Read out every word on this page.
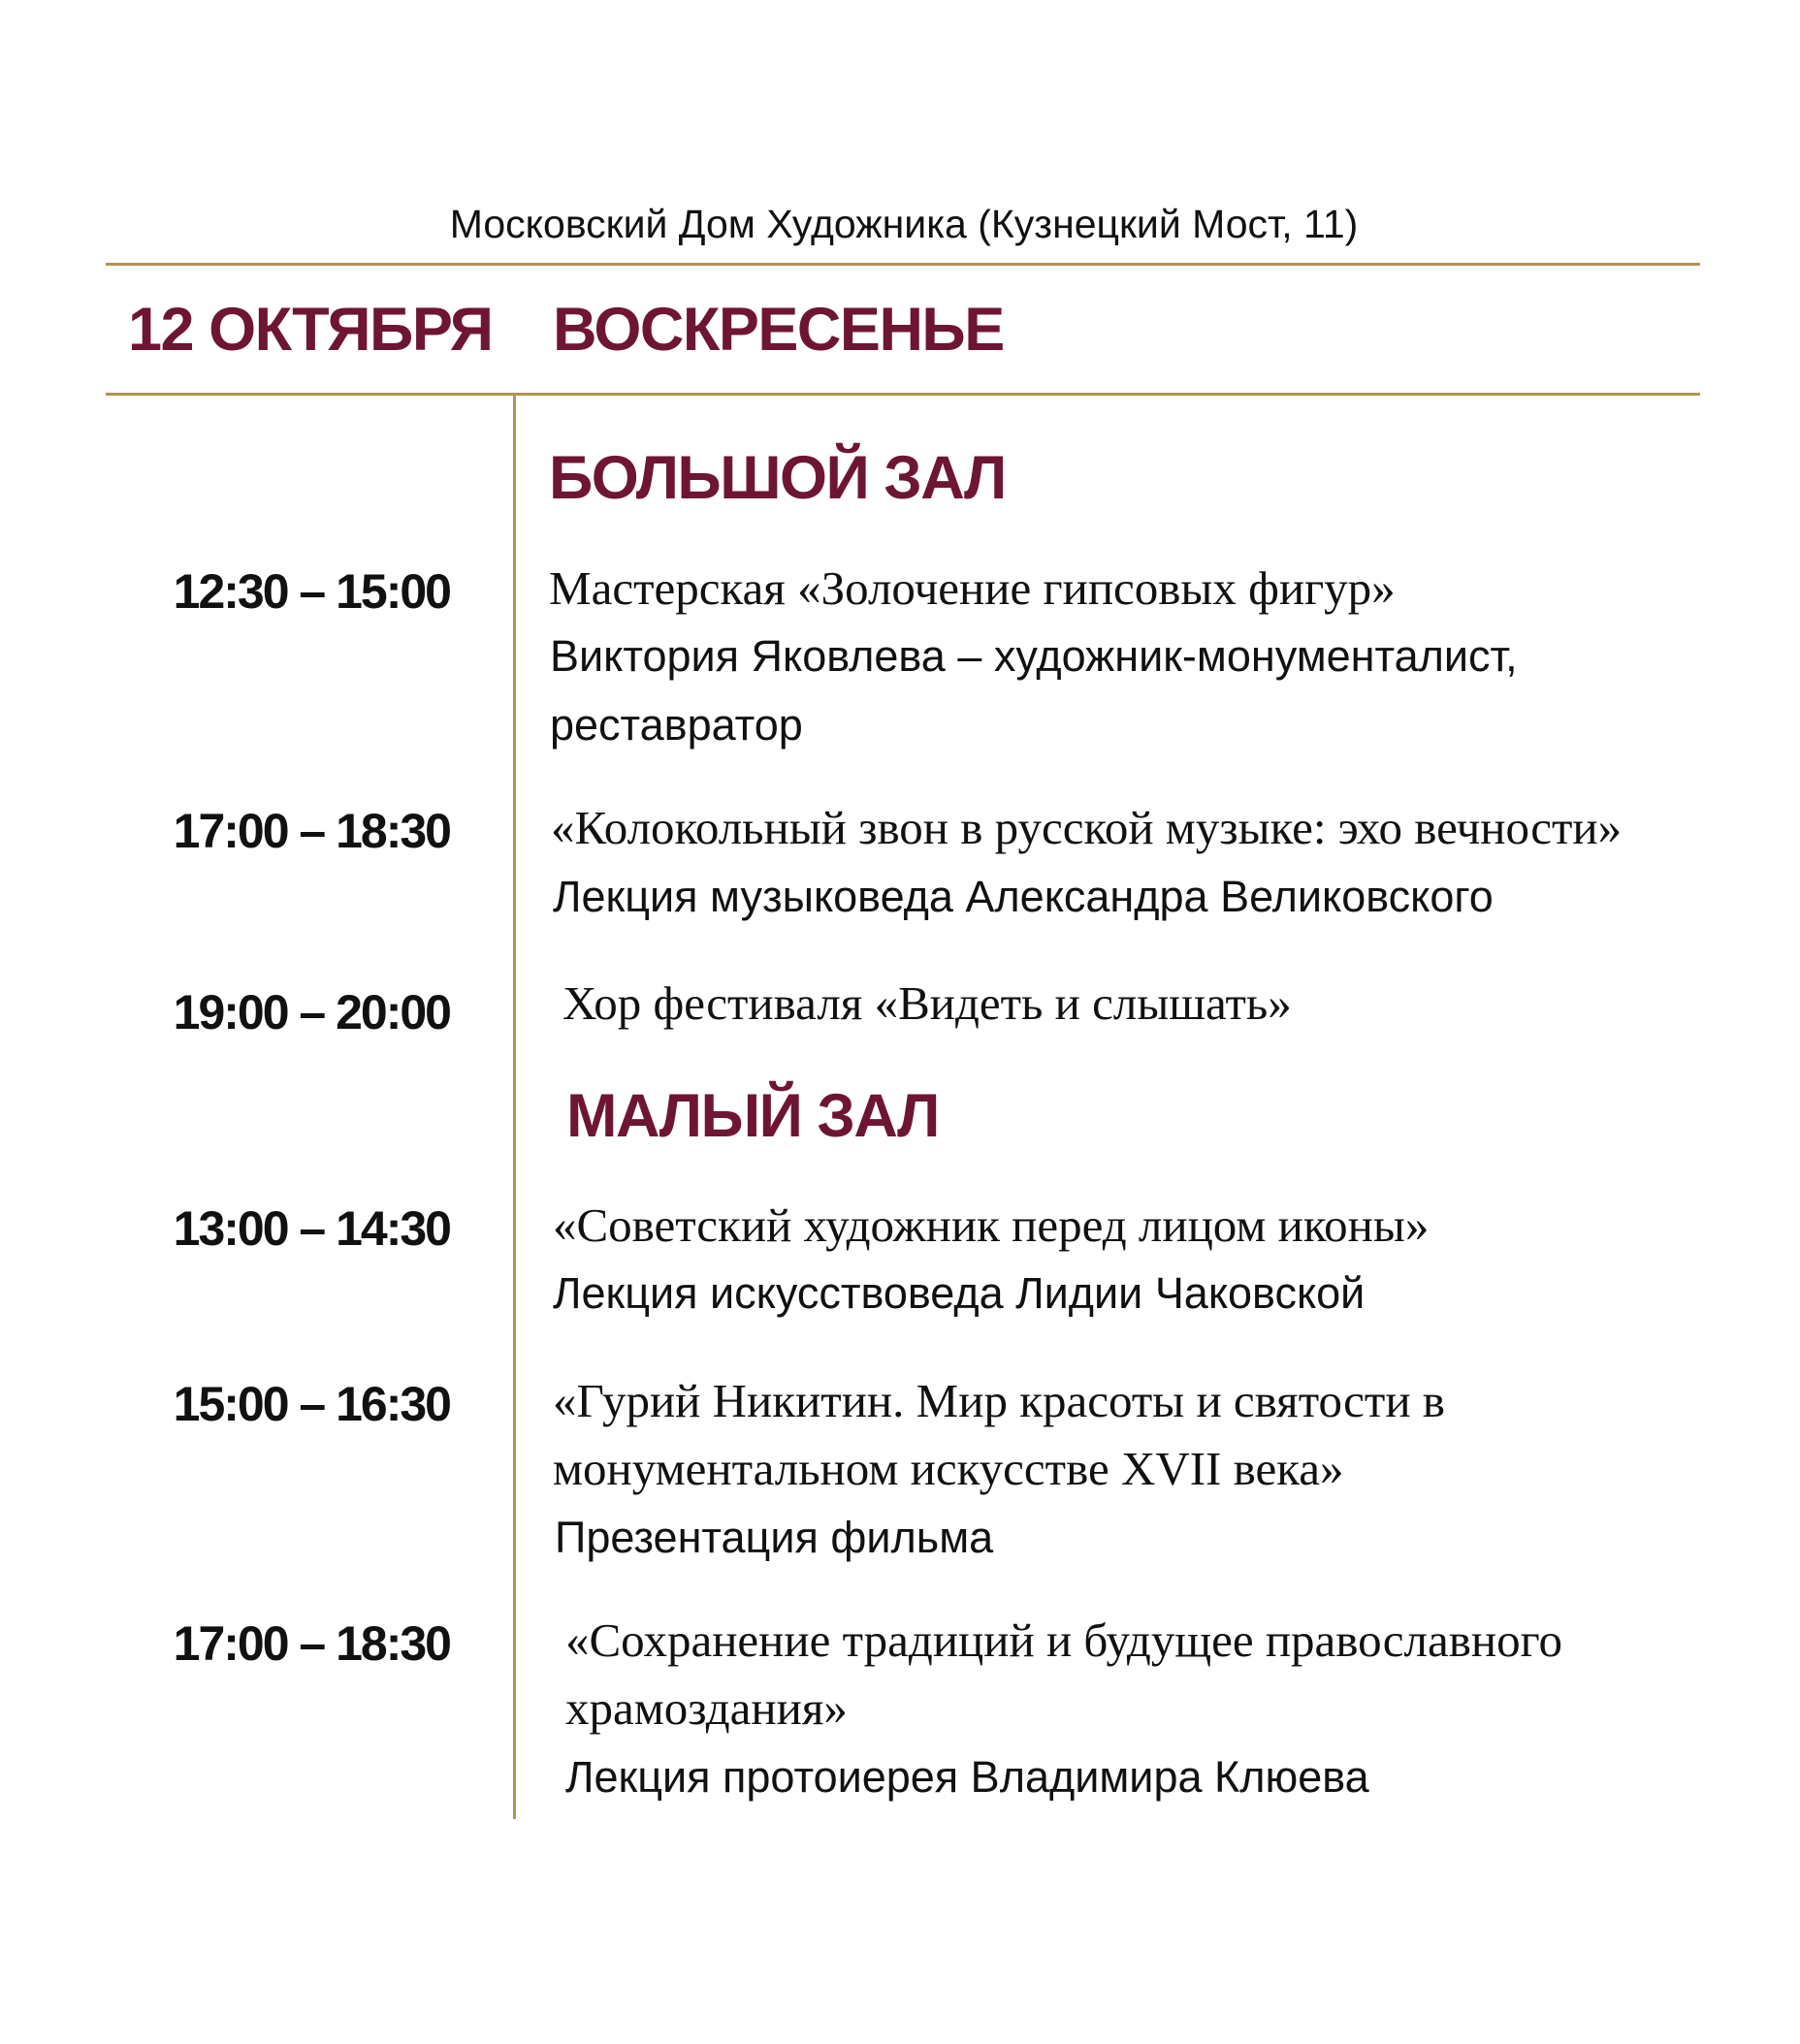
Московский Дом Художника (Кузнецкий Мост, 11)
12 ОКТЯБРЯ ВОСКРЕСЕНЬЕ
БОЛЬШОЙ ЗАЛ
12:30 – 15:00 Мастерская «Золочение гипсовых фигур»
Виктория Яковлева – художник-монументалист,
реставратор
17:00 – 18:30 «Колокольный звон в русской музыке: эхо вечности»
Лекция музыковеда Александра Великовского
19:00 – 20:00 Хор фестиваля «Видеть и слышать»
МАЛЫЙ ЗАЛ
13:00 – 14:30 «Советский художник перед лицом иконы»
Лекция искусствоведа Лидии Чаковской
15:00 – 16:30 «Гурий Никитин. Мир красоты и святости в
монументальном искусстве XVII века»
Презентация фильма
17:00 – 18:30 «Сохранение традиций и будущее православного
храмоздания»
Лекция протоиерея Владимира Клюева
